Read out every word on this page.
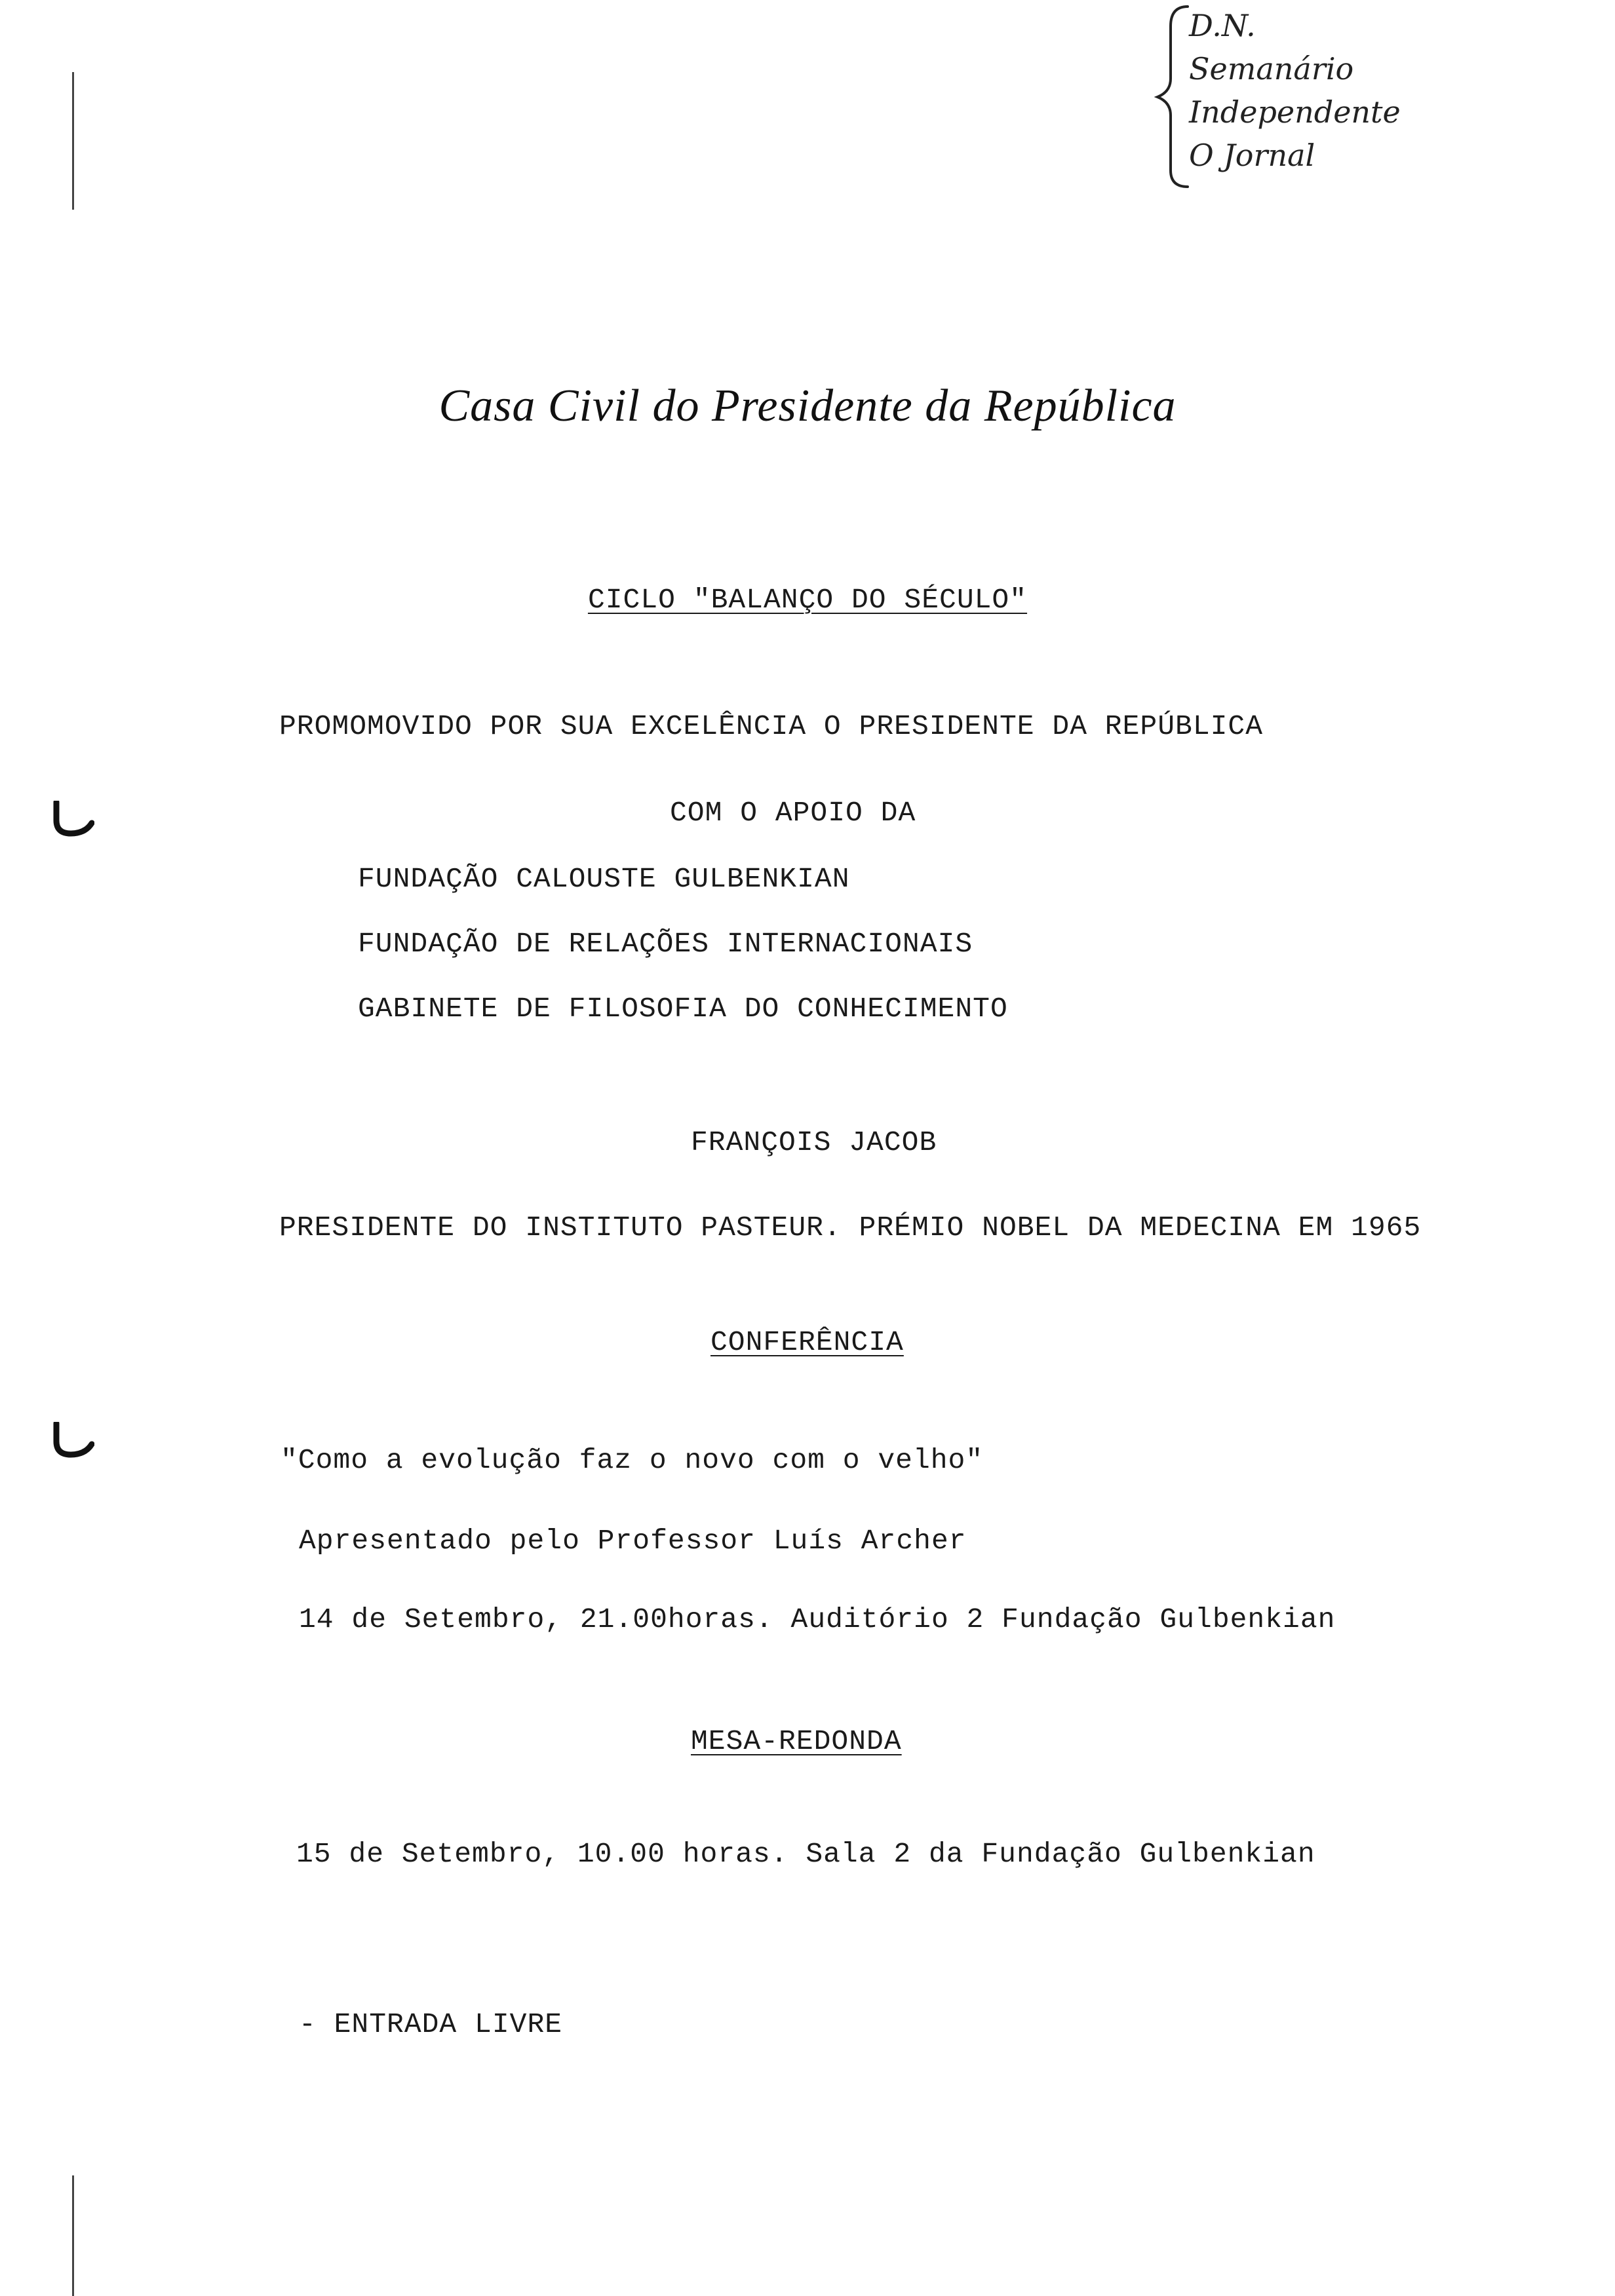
D.N.
Semanário
Independente
O Jornal
Casa Civil do Presidente da República
CICLO "BALANÇO DO SÉCULO"
PROMOMOVIDO POR SUA EXCELÊNCIA O PRESIDENTE DA REPÚBLICA
COM O APOIO DA
FUNDAÇÃO CALOUSTE GULBENKIAN
FUNDAÇÃO DE RELAÇÕES INTERNACIONAIS
GABINETE DE FILOSOFIA DO CONHECIMENTO
FRANÇOIS JACOB
PRESIDENTE DO INSTITUTO PASTEUR. PRÉMIO NOBEL DA MEDECINA EM 1965
CONFERÊNCIA
"Como a evolução faz o novo com o velho"
Apresentado pelo Professor Luís Archer
14 de Setembro, 21.00horas. Auditório 2 Fundação Gulbenkian
MESA-REDONDA
15 de Setembro, 10.00 horas. Sala 2 da Fundação Gulbenkian
- ENTRADA LIVRE
